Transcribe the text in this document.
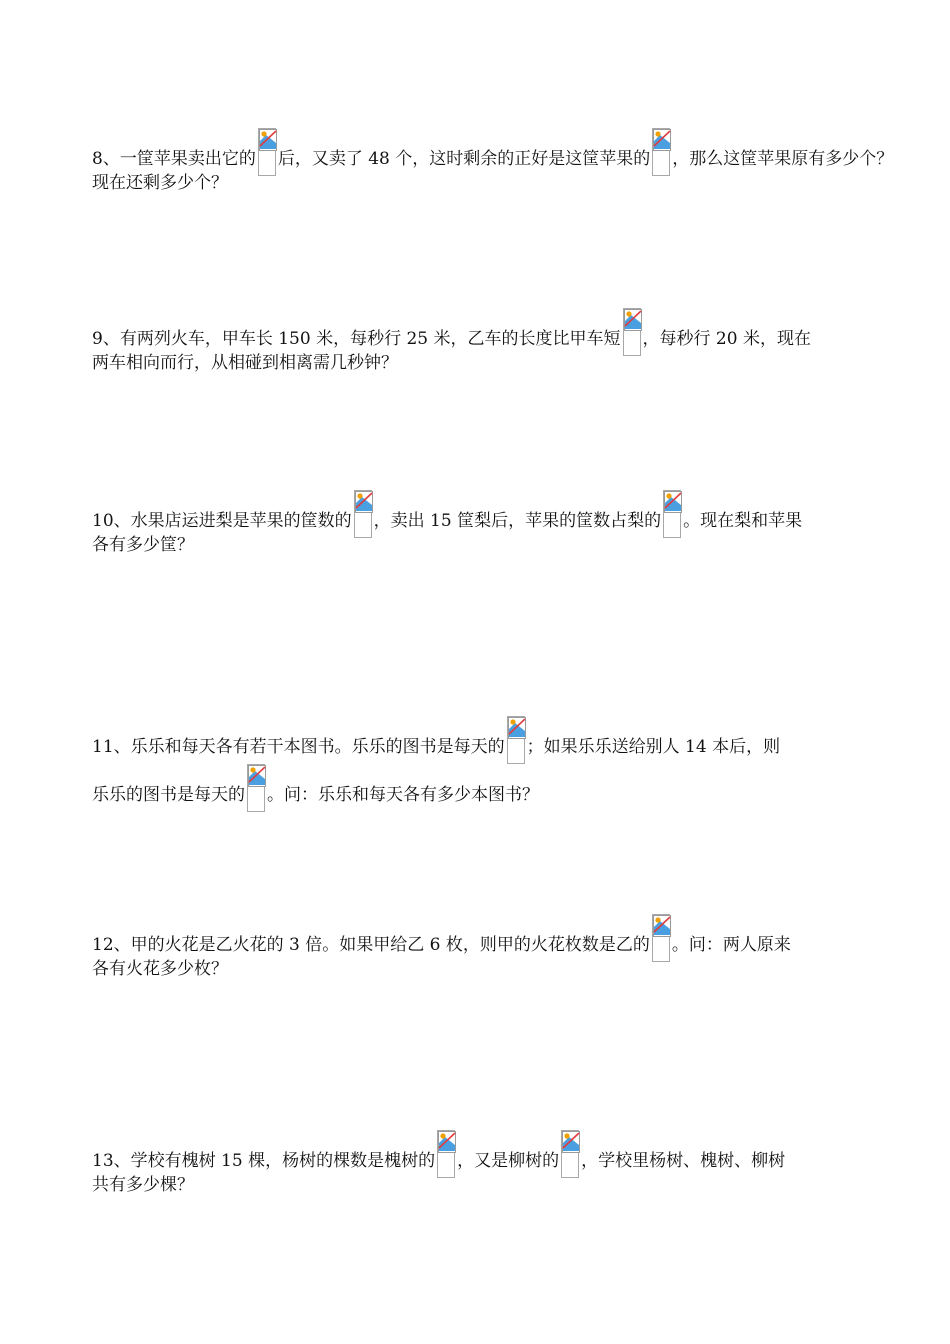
8、一筐苹果卖出它的 后，又卖了 48 个，这时剩余的正好是这筐苹果的 ，那么这筐苹果原有多少个？
现在还剩多少个？
9、有两列火车，甲车长 150 米，每秒行 25 米，乙车的长度比甲车短 ，每秒行 20 米，现在
两车相向而行，从相碰到相离需几秒钟？
10、水果店运进梨是苹果的筐数的 ，卖出 15 筐梨后，苹果的筐数占梨的 。现在梨和苹果
各有多少筐？
11、乐乐和每天各有若干本图书。乐乐的图书是每天的 ；如果乐乐送给别人 14 本后，则
乐乐的图书是每天的 。问：乐乐和每天各有多少本图书？
12、甲的火花是乙火花的 3 倍。如果甲给乙 6 枚，则甲的火花枚数是乙的 。问：两人原来
各有火花多少枚？
13、学校有槐树 15 棵，杨树的棵数是槐树的 ，又是柳树的 ，学校里杨树、槐树、柳树
共有多少棵？
